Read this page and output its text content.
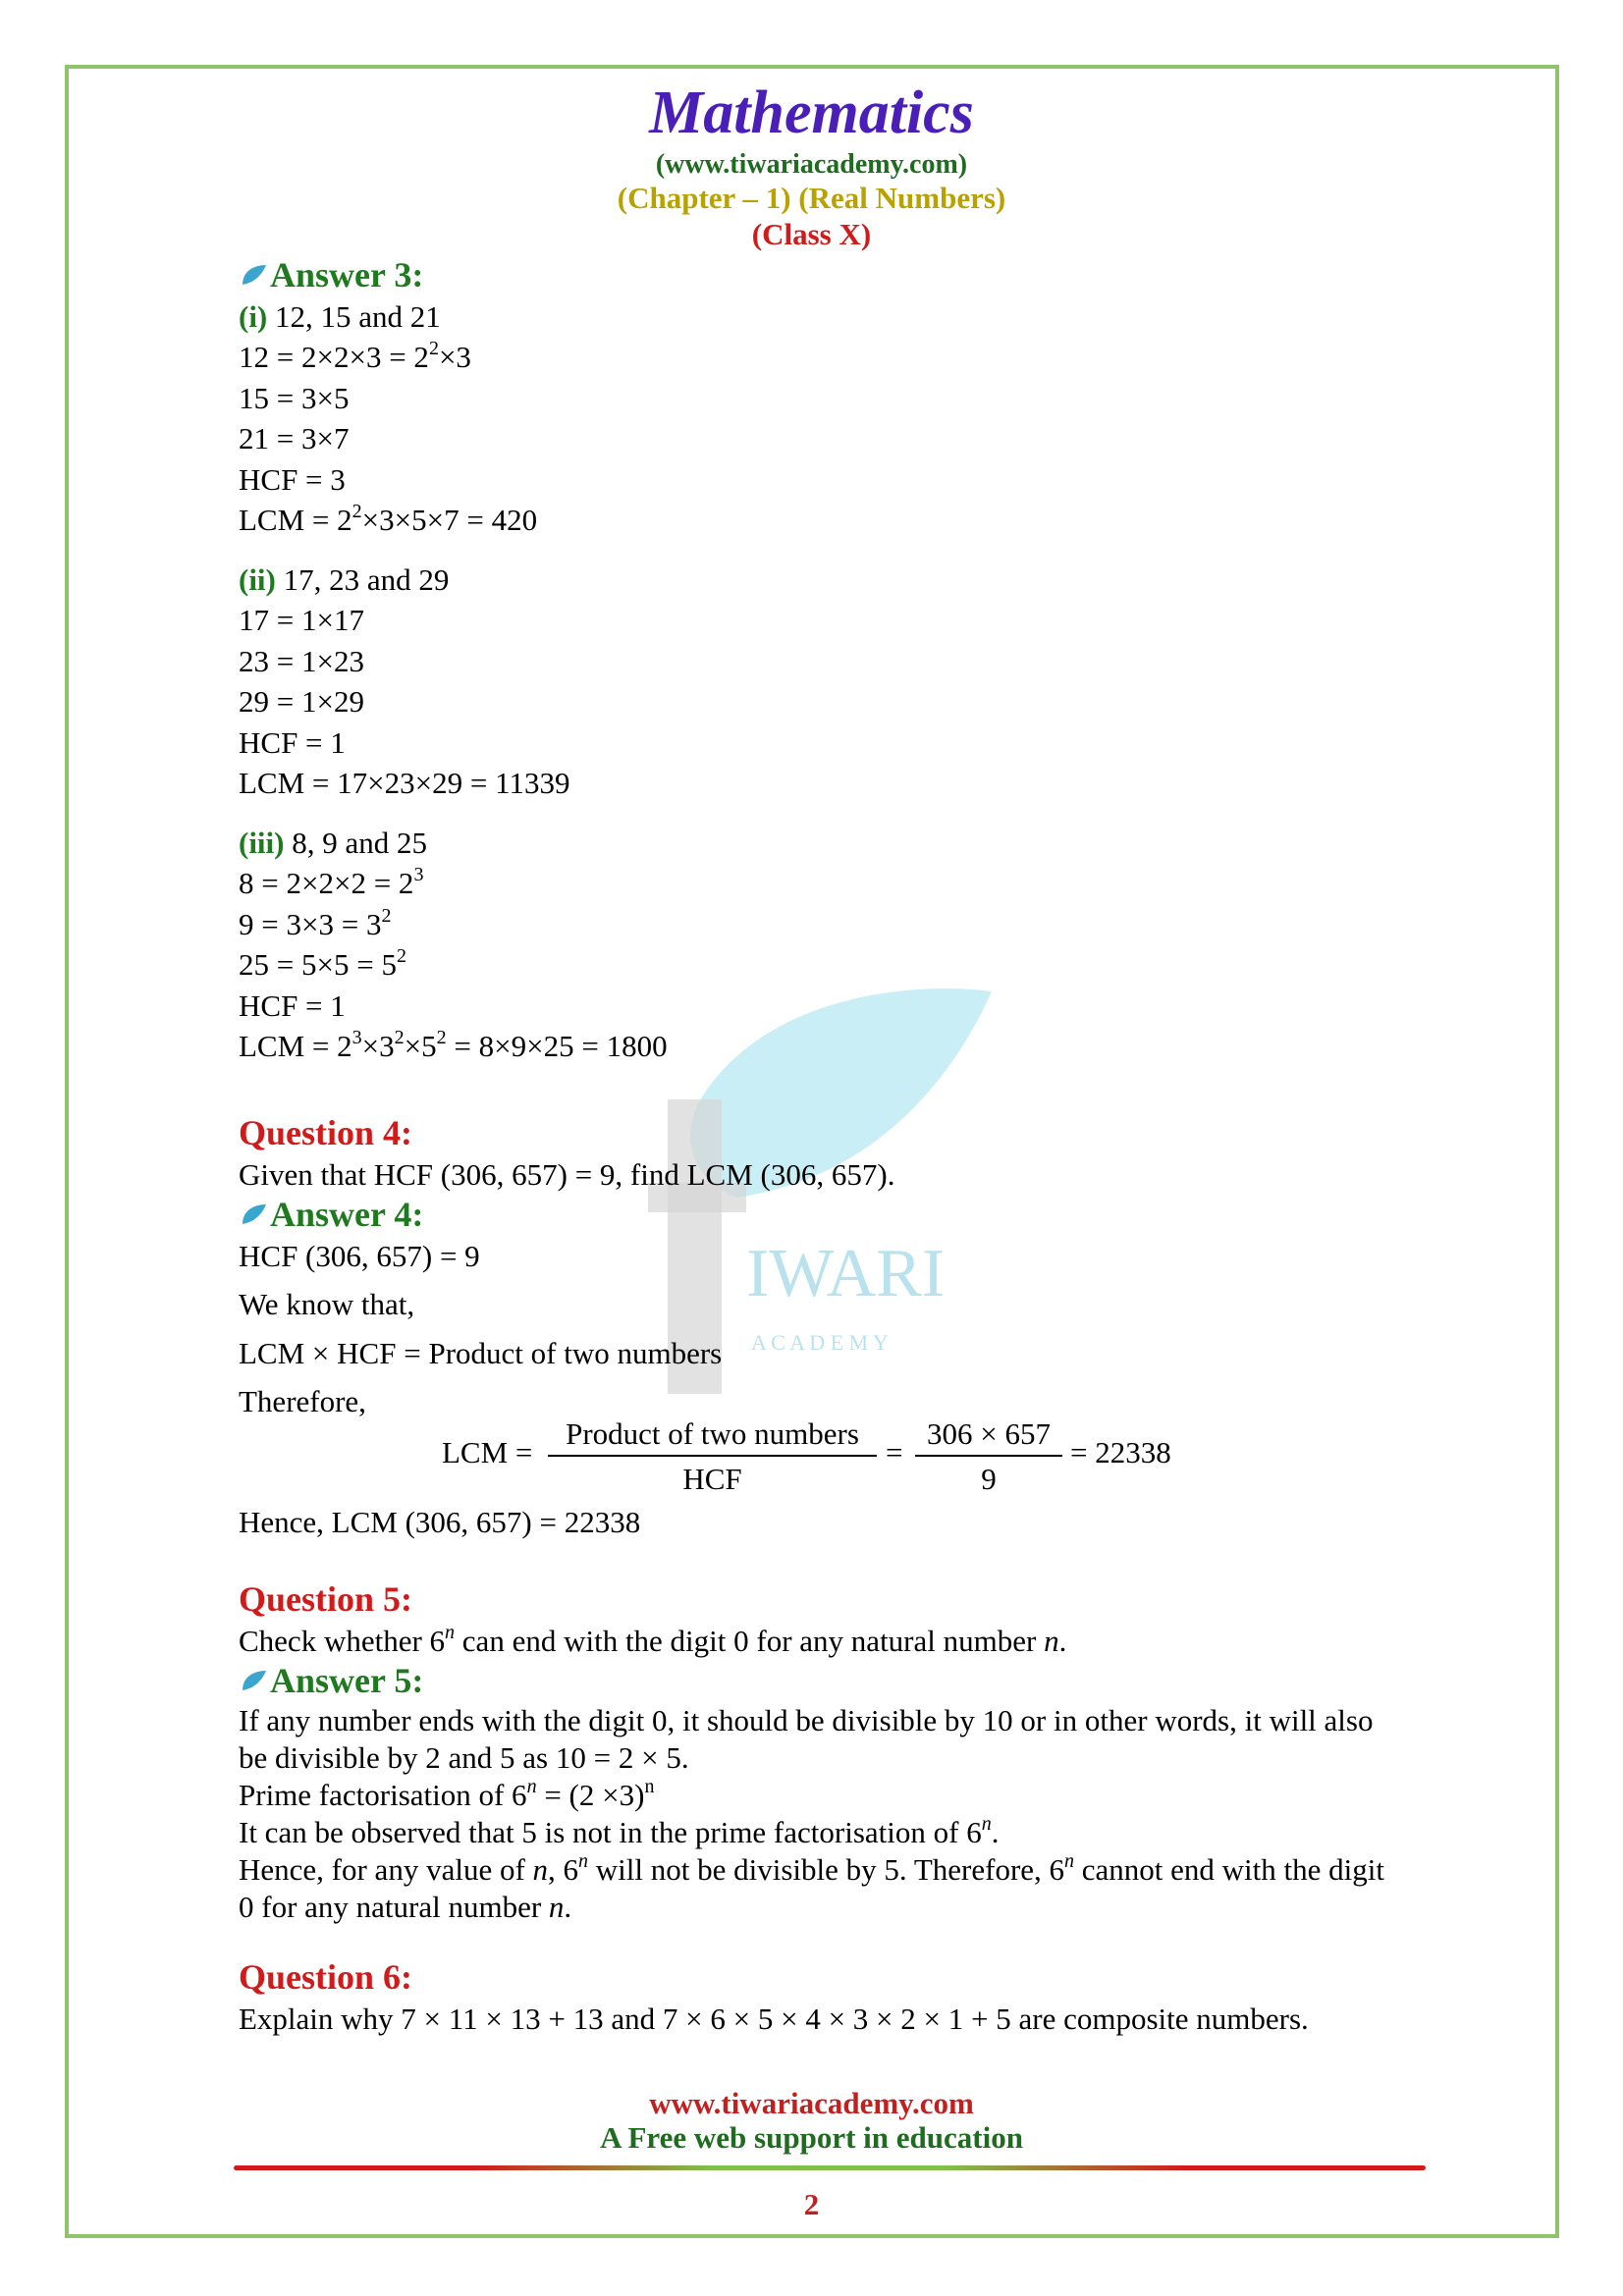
IWARI
A C A D E M Y
Mathematics
(www.tiwariacademy.com)
(Chapter – 1) (Real Numbers)
(Class X)
Answer 3:
(i) 12, 15 and 21
$12 = 2\times 2\times 3 = 2^2\times 3$
15 = 3×5
21 = 3×7
HCF = 3
LCM = $2^2\times 3\times 5\times 7 = 420$
(ii) 17, 23 and 29
17 = 1×17
23 = 1×23
29 = 1×29
HCF = 1
LCM = 17×23×29 = 11339
(iii) 8, 9 and 25
$8 = 2\times 2\times 2 = 2^3$
$9 = 3\times 3 = 3^2$
$25 = 5\times 5 = 5^2$
HCF = 1
LCM = $2^3\times 3^2\times 5^2 = 8\times 9\times 25 = 1800$
Question 4:
Given that HCF (306, 657) = 9, find LCM (306, 657).
Answer 4:
HCF (306, 657) = 9
We know that,
LCM × HCF = Product of two numbers
Therefore,
LCM =
Product of two numbers
HCF
= $\frac{306 \times 657}{9} = 22338$
Hence, LCM (306, 657) = 22338
Question 5:
Check whether 6$^n$ can end with the digit 0 for any natural number n.
Answer 5:
If any number ends with the digit 0, it should be divisible by 10 or in other words, it will also be divisible by 2 and 5 as 10 = 2 × 5.
Prime factorisation of $6^n = (2 \times 3)^n$
It can be observed that 5 is not in the prime factorisation of 6$^n$.
Hence, for any value of n, 6$^n$ will not be divisible by 5. Therefore, 6$^n$ cannot end with the digit 0 for any natural number n.
Question 6:
Explain why 7 × 11 × 13 + 13 and 7 × 6 × 5 × 4 × 3 × 2 × 1 + 5 are composite numbers.
www.tiwariacademy.com
A Free web support in education
2
